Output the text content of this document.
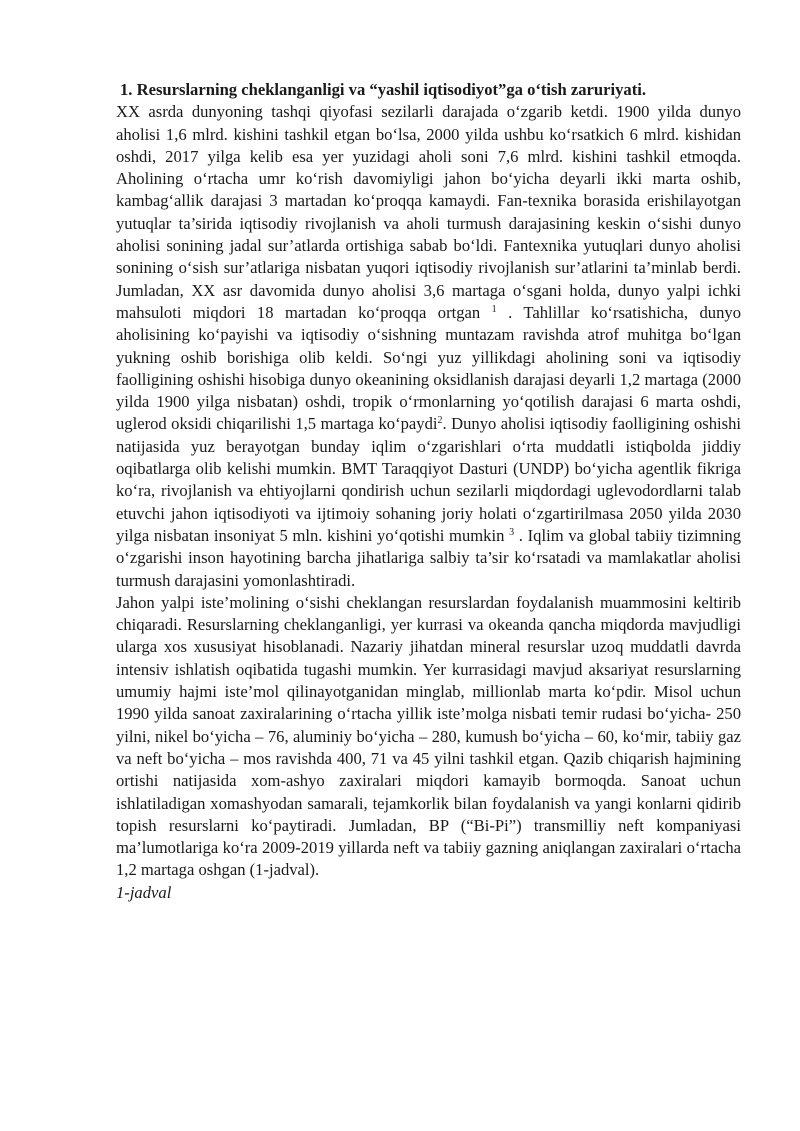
1. Resurslarning cheklanganligi va “yashil iqtisodiyot”ga o‘tish zaruriyati.

XX asrda dunyoning tashqi qiyofasi sezilarli darajada o‘zgarib ketdi. 1900 yilda dunyo aholisi 1,6 mlrd. kishini tashkil etgan bo‘lsa, 2000 yilda ushbu ko‘rsatkich 6 mlrd. kishidan oshdi, 2017 yilga kelib esa yer yuzidagi aholi soni 7,6 mlrd. kishini tashkil etmoqda. Aholining o‘rtacha umr ko‘rish davomiyligi jahon bo‘yicha deyarli ikki marta oshib, kambag‘allik darajasi 3 martadan ko‘proqqa kamaydi. Fan-texnika borasida erishilayotgan yutuqlar ta’sirida iqtisodiy rivojlanish va aholi turmush darajasining keskin o‘sishi dunyo aholisi sonining jadal sur’atlarda ortishiga sabab bo‘ldi. Fantexnika yutuqlari dunyo aholisi sonining o‘sish sur’atlariga nisbatan yuqori iqtisodiy rivojlanish sur’atlarini ta’minlab berdi. Jumladan, XX asr davomida dunyo aholisi 3,6 martaga o‘sgani holda, dunyo yalpi ichki mahsuloti miqdori 18 martadan ko‘proqqa ortgan $^1$ . Tahlillar ko‘rsatishicha, dunyo aholisining ko‘payishi va iqtisodiy o‘sishning muntazam ravishda atrof muhitga bo‘lgan yukning oshib borishiga olib keldi. So‘ngi yuz yillikdagi aholining soni va iqtisodiy faolligining oshishi hisobiga dunyo okeanining oksidlanish darajasi deyarli 1,2 martaga (2000 yilda 1900 yilga nisbatan) oshdi, tropik o‘rmonlarning yo‘qotilish darajasi 6 marta oshdi, uglerod oksidi chiqarilishi 1,5 martaga ko‘paydi$^2$. Dunyo aholisi iqtisodiy faolligining oshishi natijasida yuz berayotgan bunday iqlim o‘zgarishlari o‘rta muddatli istiqbolda jiddiy oqibatlarga olib kelishi mumkin. BMT Taraqqiyot Dasturi (UNDP) bo‘yicha agentlik fikriga ko‘ra, rivojlanish va ehtiyojlarni qondirish uchun sezilarli miqdordagi uglevodordlarni talab etuvchi jahon iqtisodiyoti va ijtimoiy sohaning joriy holati o‘zgartirilmasa 2050 yilda 2030 yilga nisbatan insoniyat 5 mln. kishini yo‘qotishi mumkin $^3$ . Iqlim va global tabiiy tizimning o‘zgarishi inson hayotining barcha jihatlariga salbiy ta’sir ko‘rsatadi va mamlakatlar aholisi turmush darajasini yomonlashtiradi.

Jahon yalpi iste’molining o‘sishi cheklangan resurslardan foydalanish muammosini keltirib chiqaradi. Resurslarning cheklanganligi, yer kurrasi va okeanda qancha miqdorda mavjudligi ularga xos xususiyat hisoblanadi. Nazariy jihatdan mineral resurslar uzoq muddatli davrda intensiv ishlatish oqibatida tugashi mumkin. Yer kurrasidagi mavjud aksariyat resurslarning umumiy hajmi iste’mol qilinayotganidan minglab, millionlab marta ko‘pdir. Misol uchun 1990 yilda sanoat zaxiralarining o‘rtacha yillik iste’molga nisbati temir rudasi bo‘yicha- 250 yilni, nikel bo‘yicha – 76, aluminiy bo‘yicha – 280, kumush bo‘yicha – 60, ko‘mir, tabiiy gaz va neft bo‘yicha – mos ravishda 400, 71 va 45 yilni tashkil etgan. Qazib chiqarish hajmining ortishi natijasida xom-ashyo zaxiralari miqdori kamayib bormoqda. Sanoat uchun ishlatiladigan xomashyodan samarali, tejamkorlik bilan foydalanish va yangi konlarni qidirib topish resurslarni ko‘paytiradi. Jumladan, BP (“Bi-Pi”) transmilliy neft kompaniyasi ma’lumotlariga ko‘ra 2009-2019 yillarda neft va tabiiy gazning aniqlangan zaxiralari o‘rtacha 1,2 martaga oshgan (1-jadval).

1-jadval
